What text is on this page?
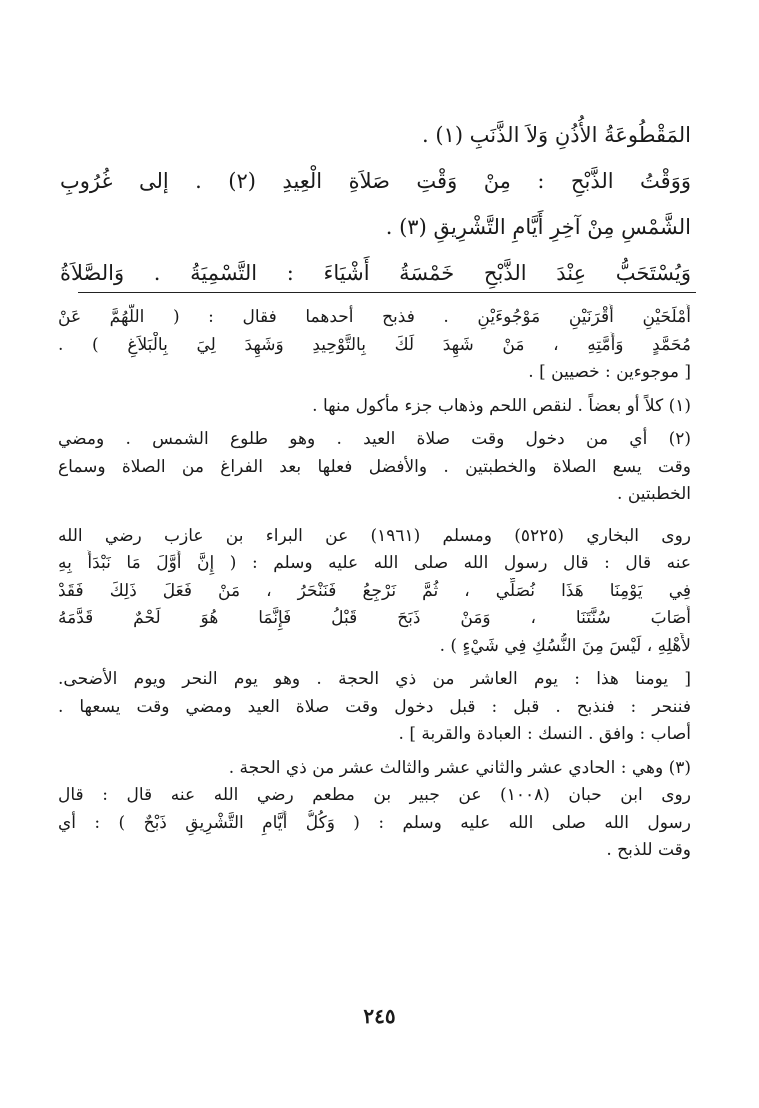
المَقْطُوعَةُ الأُذُنِ وَلاَ الذَّنَبِ (١) .
وَوَقْتُ الذَّبْحِ : مِنْ وَقْتِ صَلاَةِ الْعِيدِ (٢) . إلى غُرُوبِ
الشَّمْسِ مِنْ آخِرِ أَيَّامِ التَّشْرِيقِ (٣) .
وَيُسْتَحَبُّ عِنْدَ الذَّبْحِ خَمْسَةُ أَشْيَاءَ : التَّسْمِيَةُ . وَالصَّلاَةُ
أَمْلَحَيْنِ أَقْرَنَيْنِ مَوْجُوءَيْنِ . فذبح أحدهما فقال : ( اللَّهُمَّ عَنْ
مُحَمَّدٍ وَأُمَّتِهِ ، مَنْ شَهِدَ لَكَ بِالتَّوْحِيدِ وَشَهِدَ لِيَ بِالْبَلاَغِ ) .
[ موجوءين : خصيين ] .
(١) كلاً أو بعضاً . لنقص اللحم وذهاب جزء مأكول منها .
(٢) أي من دخول وقت صلاة العيد . وهو طلوع الشمس . ومضي
وقت يسع الصلاة والخطبتين . والأفضل فعلها بعد الفراغ من الصلاة وسماع
الخطبتين .
روى البخاري (٥٢٢٥) ومسلم (١٩٦١) عن البراء بن عازب رضي الله
عنه قال : قال رسول الله صلى الله عليه وسلم : ( إِنَّ أَوَّلَ مَا نَبْدَأُ بِهِ
فِي يَوْمِنَا هَذَا نُصَلِّي ، ثُمَّ نَرْجِعُ فَنَنْحَرُ ، مَنْ فَعَلَ ذَلِكَ فَقَدْ
أَصَابَ سُنَّتَنَا ، وَمَنْ ذَبَحَ قَبْلُ فَإِنَّمَا هُوَ لَحْمٌ قَدَّمَهُ
لأَهْلِهِ ، لَيْسَ مِنَ النُّسُكِ فِي شَيْءٍ ) .
[ يومنا هذا : يوم العاشر من ذي الحجة . وهو يوم النحر ويوم الأضحى.
فننحر : فنذبح . قبل : قبل دخول وقت صلاة العيد ومضي وقت يسعها .
أصاب : وافق . النسك : العبادة والقربة ] .
(٣) وهي : الحادي عشر والثاني عشر والثالث عشر من ذي الحجة .
روى ابن حبان (١٠٠٨) عن جبير بن مطعم رضي الله عنه قال : قال
رسول الله صلى الله عليه وسلم : ( وَكُلُّ أَيَّامِ التَّشْرِيقِ ذَبْحٌ ) : أي
وقت للذبح .
٢٤٥
